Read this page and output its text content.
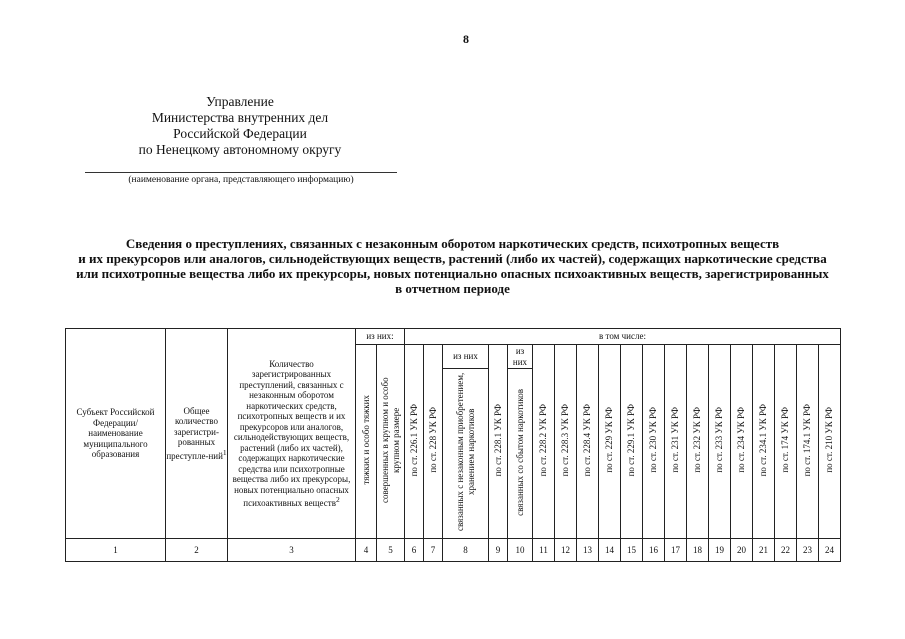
8
Управление
Министерства внутренних дел
Российской Федерации
по Ненецкому автономному округу
(наименование органа, представляющего информацию)
Сведения о преступлениях, связанных с незаконным оборотом наркотических средств, психотропных веществ
и их прекурсоров или аналогов, сильнодействующих веществ, растений (либо их частей), содержащих наркотические средства
или психотропные вещества либо их прекурсоры, новых потенциально опасных психоактивных веществ, зарегистрированных
в отчетном периоде
Субъект Российской Федерации/ наименование муниципального образования	Общее количество зарегистри-рованных преступле-ний$^1$	Количество зарегистрированных преступлений, связанных с незаконным оборотом наркотических средств, психотропных веществ и их прекурсоров или аналогов, сильнодействующих веществ, растений (либо их частей), содержащих наркотические средства или психотропные вещества либо их прекурсоры, новых потенциально опасных психоактивных веществ$^2$	из них:		в том числе:																		
			тяжких и особо тяжких	совершенных в крупном и особо крупном размере	по ст. 226.1 УК РФ	по ст. 228 УК РФ	из них	по ст. 228.1 УК РФ	из них	по ст. 228.2 УК РФ	по ст. 228.3 УК РФ	по ст. 228.4 УК РФ	по ст. 229 УК РФ	по ст. 229.1 УК РФ	по ст. 230 УК РФ	по ст. 231 УК РФ	по ст. 232 УК РФ	по ст. 233 УК РФ	по ст. 234 УК РФ	по ст. 234.1 УК РФ	по ст. 174 УК РФ	по ст. 174.1 УК РФ	по ст. 210 УК РФ
							связанных с незаконным приобретением, хранением наркотиков		связанных со сбытом наркотиков														
1	2	3	4	5	6	7	8	9	10	11	12	13	14	15	16	17	18	19	20	21	22	23	24
